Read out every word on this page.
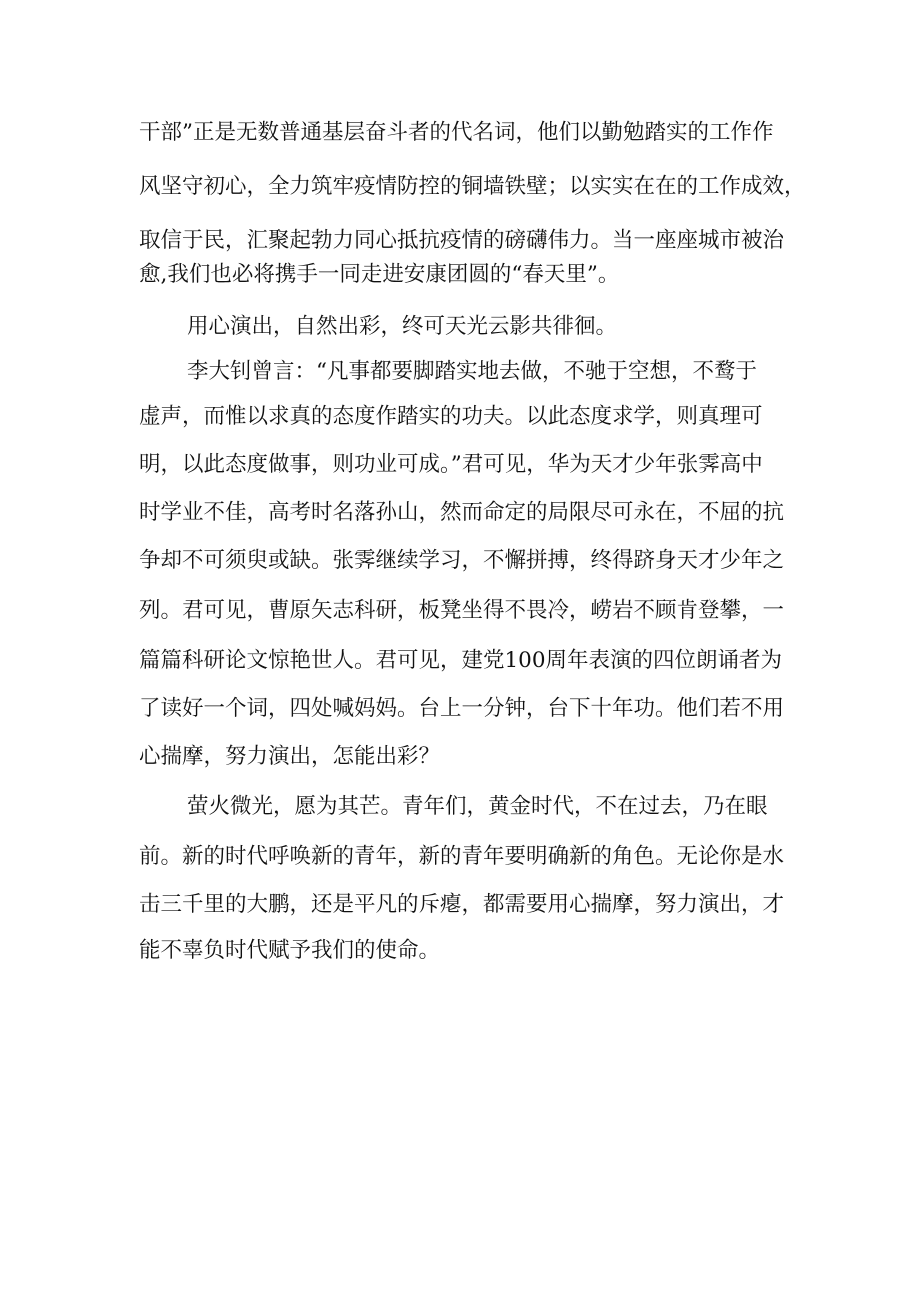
干部”正是无数普通基层奋斗者的代名词，他们以勤勉踏实的工作作
风坚守初心，全力筑牢疫情防控的铜墙铁壁；以实实在在的工作成效，
取信于民，汇聚起勃力同心抵抗疫情的磅礴伟力。当一座座城市被治
愈,我们也必将携手一同走进安康团圆的“春天里”。
用心演出，自然出彩，终可天光云影共徘徊。
李大钊曾言：“凡事都要脚踏实地去做，不驰于空想，不鹜于
虚声，而惟以求真的态度作踏实的功夫。以此态度求学，则真理可
明，以此态度做事，则功业可成。”君可见，华为天才少年张霁高中
时学业不佳，高考时名落孙山，然而命定的局限尽可永在，不屈的抗
争却不可须臾或缺。张霁继续学习，不懈拼搏，终得跻身天才少年之
列。君可见，曹原矢志科研，板凳坐得不畏冷，崂岩不顾肯登攀，一
篇篇科研论文惊艳世人。君可见，建党100周年表演的四位朗诵者为
了读好一个词，四处喊妈妈。台上一分钟，台下十年功。他们若不用
心揣摩，努力演出，怎能出彩？
萤火微光，愿为其芒。青年们，黄金时代，不在过去，乃在眼
前。新的时代呼唤新的青年，新的青年要明确新的角色。无论你是水
击三千里的大鹏，还是平凡的斥瘪，都需要用心揣摩，努力演出，才
能不辜负时代赋予我们的使命。
